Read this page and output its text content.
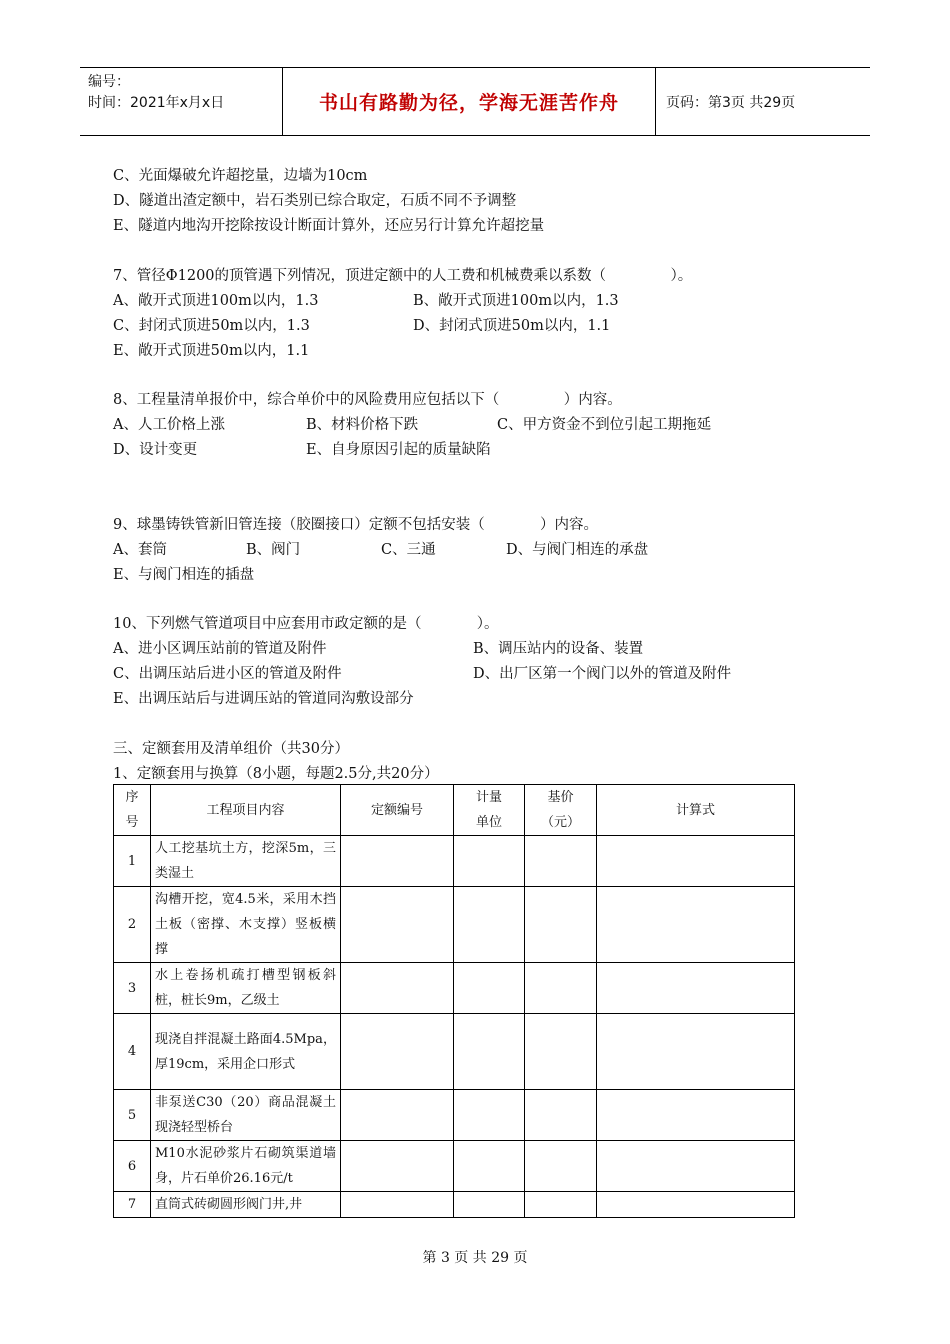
编号：
时间：2021年x月x日	书山有路勤为径，学海无涯苦作舟	页码：第3页 共29页
C、光面爆破允许超挖量，边墙为10cm
D、隧道出渣定额中，岩石类别已综合取定，石质不同不予调整
E、隧道内地沟开挖除按设计断面计算外，还应另行计算允许超挖量
7、管径Φ1200的顶管遇下列情况，顶进定额中的人工费和机械费乘以系数（              ）。
A、敞开式顶进100m以内，1.3	B、敞开式顶进100m以内，1.3
C、封闭式顶进50m以内，1.3	D、封闭式顶进50m以内，1.1
E、敞开式顶进50m以内，1.1
8、工程量清单报价中，综合单价中的风险费用应包括以下（              ）内容。
A、人工价格上涨	B、材料价格下跌	C、甲方资金不到位引起工期拖延
D、设计变更	E、自身原因引起的质量缺陷
9、球墨铸铁管新旧管连接（胶圈接口）定额不包括安装（            ）内容。
A、套筒	B、阀门	C、三通	D、与阀门相连的承盘
E、与阀门相连的插盘
10、下列燃气管道项目中应套用市政定额的是（            ）。
A、进小区调压站前的管道及附件	B、调压站内的设备、装置
C、出调压站后进小区的管道及附件	D、出厂区第一个阀门以外的管道及附件
E、出调压站后与进调压站的管道同沟敷设部分
三、定额套用及清单组价（共30分）
1、定额套用与换算（8小题，每题2.5分,共20分）
序号	工程项目内容	定额编号	计量单位	基价（元）	计算式
1	人工挖基坑土方，挖深5m，三类湿土				
2	沟槽开挖，宽4.5米，采用木挡土板（密撑、木支撑）竖板横撑				
3	水上卷扬机疏打槽型钢板斜桩，桩长9m，乙级土				
4	现浇自拌混凝土路面4.5Mpa，厚19cm，采用企口形式				
5	非泵送C30（20）商品混凝土现浇轻型桥台				
6	M10水泥砂浆片石砌筑渠道墙身，片石单价26.16元/t				
7	直筒式砖砌圆形阀门井,井				
第 3 页 共 29 页
